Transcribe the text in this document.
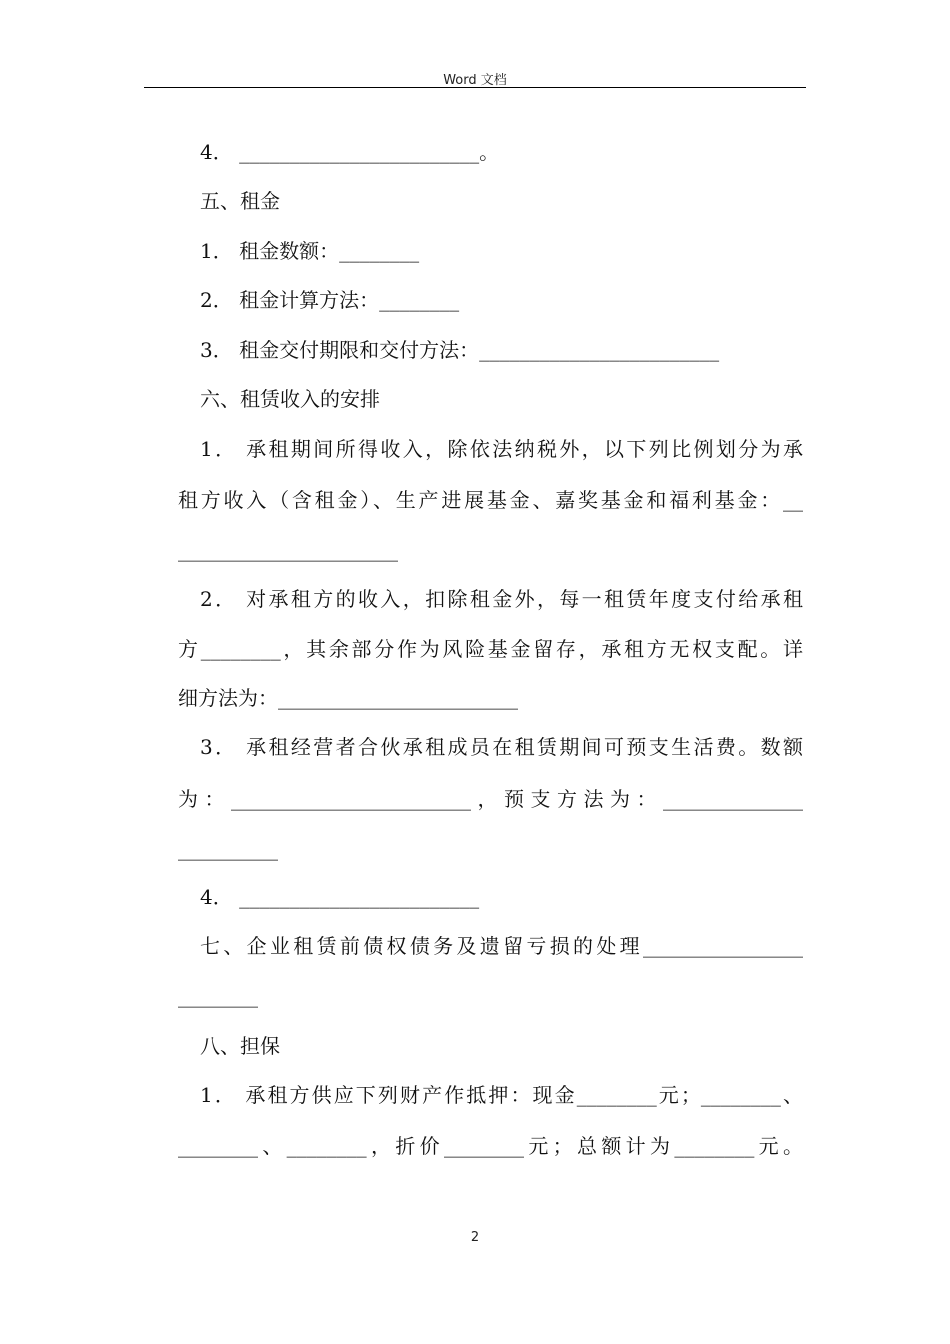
Word 文档
4． ________________________。
五、租金
1． 租金数额：________
2． 租金计算方法：________
3． 租金交付期限和交付方法：________________________
六、租赁收入的安排
1． 承租期间所得收入，除依法纳税外，以下列比例划分为承
租方收入（含租金）、生产进展基金、嘉奖基金和福利基金：__
______________________
2． 对承租方的收入，扣除租金外，每一租赁年度支付给承租
方________，其余部分作为风险基金留存，承租方无权支配。详
细方法为：________________________
3． 承租经营者合伙承租成员在租赁期间可预支生活费。数额
为：________________________，预支方法为：______________
__________
4． ________________________
七、企业租赁前债权债务及遗留亏损的处理________________
________
八、担保
1． 承租方供应下列财产作抵押：现金________元；________、
________、________，折价________元；总额计为________元。
2
